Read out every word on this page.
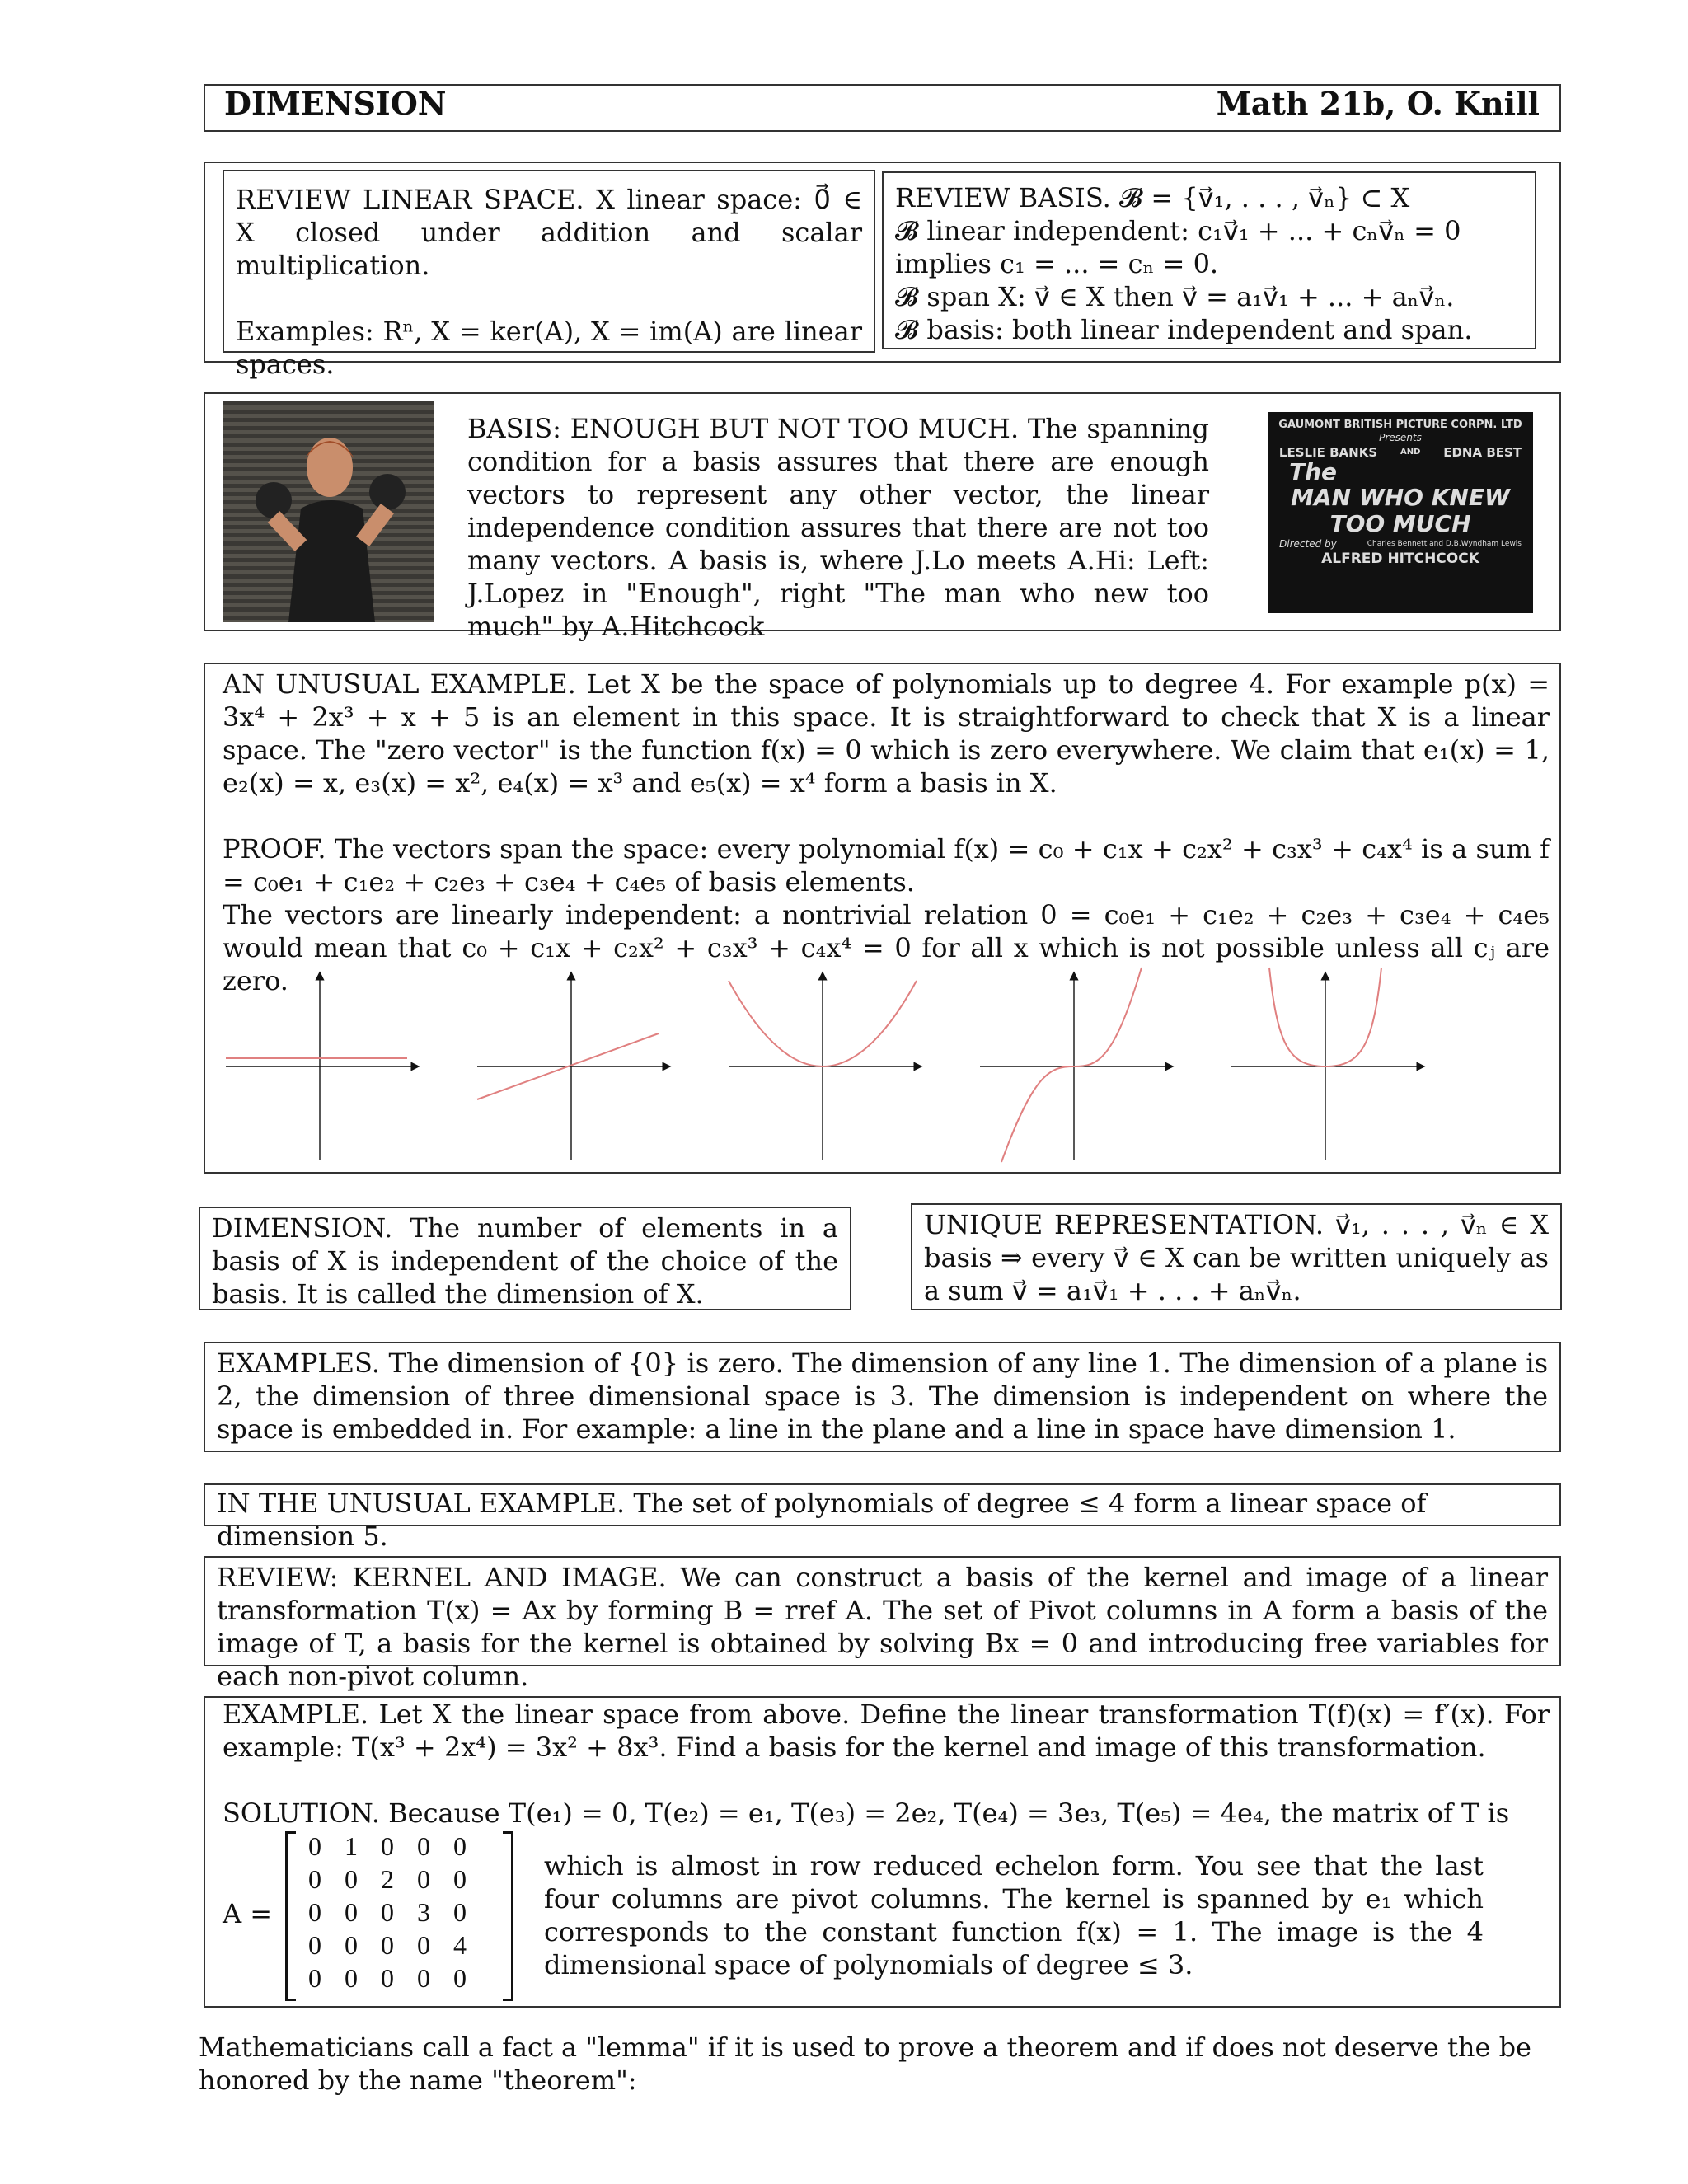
DIMENSION	Math 21b, O. Knill

REVIEW LINEAR SPACE. X linear space: 0⃗ ∈ X closed under addition and scalar multiplication.

Examples: Rⁿ, X = ker(A), X = im(A) are linear spaces.

REVIEW BASIS. 𝓑 = {v⃗₁, . . . , v⃗ₙ} ⊂ X

𝓑 linear independent: c₁v⃗₁ + ... + cₙv⃗ₙ = 0 implies c₁ = ... = cₙ = 0.

𝓑 span X: v⃗ ∈ X then v⃗ = a₁v⃗₁ + ... + aₙv⃗ₙ.

𝓑 basis: both linear independent and span.

BASIS: ENOUGH BUT NOT TOO MUCH. The spanning condition for a basis assures that there are enough vectors to represent any other vector, the linear independence condition assures that there are not too many vectors. A basis is, where J.Lo meets A.Hi: Left: J.Lopez in "Enough", right "The man who new too much" by A.Hitchcock
GAUMONT BRITISH PICTURE CORPN. LTD
Presents
LESLIE BANKS	AND EDNA BEST
The
MAN WHO KNEW
TOO MUCH
Directed by	Charles Bennett and D.B.Wyndham Lewis
ALFRED HITCHCOCK

AN UNUSUAL EXAMPLE. Let X be the space of polynomials up to degree 4. For example p(x) = 3x⁴ + 2x³ + x + 5 is an element in this space. It is straightforward to check that X is a linear space. The "zero vector" is the function f(x) = 0 which is zero everywhere. We claim that e₁(x) = 1, e₂(x) = x, e₃(x) = x², e₄(x) = x³ and e₅(x) = x⁴ form a basis in X.

PROOF. The vectors span the space: every polynomial f(x) = c₀ + c₁x + c₂x² + c₃x³ + c₄x⁴ is a sum f = c₀e₁ + c₁e₂ + c₂e₃ + c₃e₄ + c₄e₅ of basis elements.

The vectors are linearly independent: a nontrivial relation 0 = c₀e₁ + c₁e₂ + c₂e₃ + c₃e₄ + c₄e₅ would mean that c₀ + c₁x + c₂x² + c₃x³ + c₄x⁴ = 0 for all x which is not possible unless all cⱼ are zero.

DIMENSION. The number of elements in a basis of X is independent of the choice of the basis. It is called the dimension of X.

UNIQUE REPRESENTATION. v⃗₁, . . . , v⃗ₙ ∈ X basis ⇒ every v⃗ ∈ X can be written uniquely as a sum v⃗ = a₁v⃗₁ + . . . + aₙv⃗ₙ.

EXAMPLES. The dimension of {0} is zero. The dimension of any line 1. The dimension of a plane is 2, the dimension of three dimensional space is 3. The dimension is independent on where the space is embedded in. For example: a line in the plane and a line in space have dimension 1.

IN THE UNUSUAL EXAMPLE. The set of polynomials of degree ≤ 4 form a linear space of dimension 5.

REVIEW: KERNEL AND IMAGE. We can construct a basis of the kernel and image of a linear transformation T(x) = Ax by forming B = rref A. The set of Pivot columns in A form a basis of the image of T, a basis for the kernel is obtained by solving Bx = 0 and introducing free variables for each non-pivot column.

EXAMPLE. Let X the linear space from above. Define the linear transformation T(f)(x) = f′(x). For example: T(x³ + 2x⁴) = 3x² + 8x³. Find a basis for the kernel and image of this transformation.

SOLUTION. Because T(e₁) = 0, T(e₂) = e₁, T(e₃) = 2e₂, T(e₄) = 3e₃, T(e₅) = 4e₄, the matrix of T is

A =
0	1	0	0	0
0	0	2	0	0
0	0	0	3	0
0	0	0	0	4
0	0	0	0	0
which is almost in row reduced echelon form. You see that the last four columns are pivot columns. The kernel is spanned by e₁ which corresponds to the constant function f(x) = 1. The image is the 4 dimensional space of polynomials of degree ≤ 3.
Mathematicians call a fact a "lemma" if it is used to prove a theorem and if does not deserve the be honored by the name "theorem":
